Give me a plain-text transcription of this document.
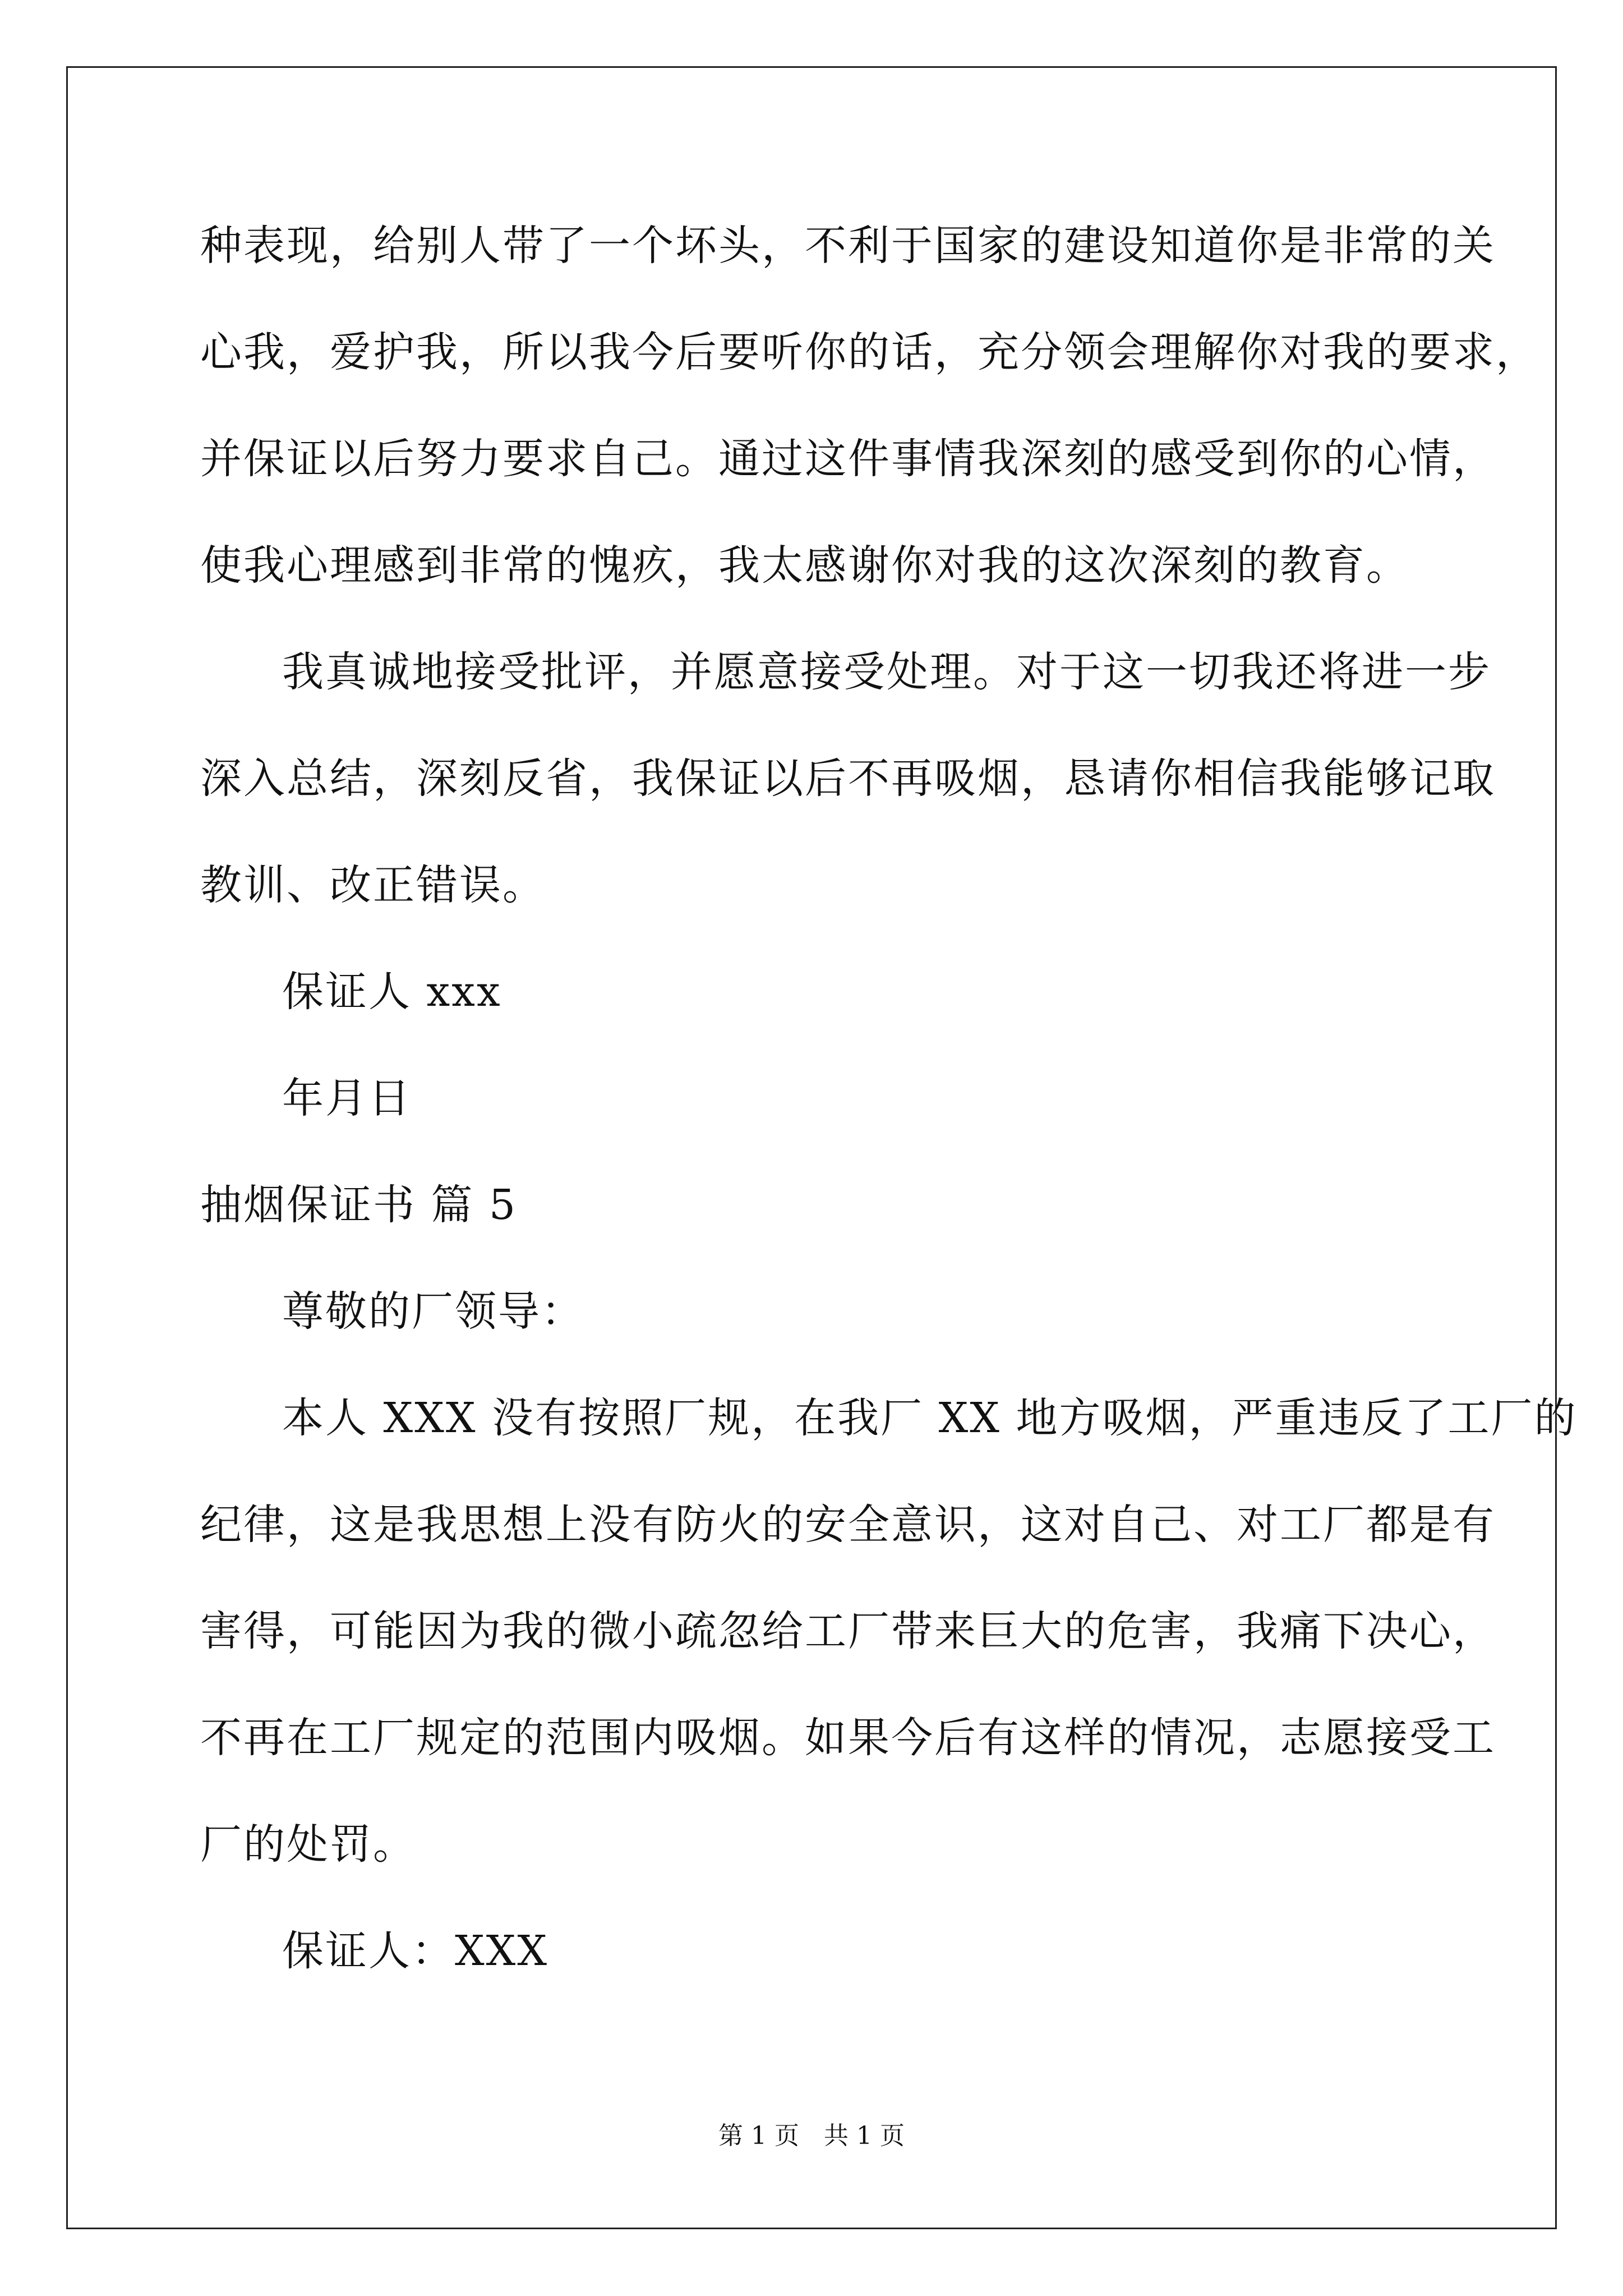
种表现，给别人带了一个坏头，不利于国家的建设知道你是非常的关
心我，爱护我，所以我今后要听你的话，充分领会理解你对我的要求，
并保证以后努力要求自己。通过这件事情我深刻的感受到你的心情，
使我心理感到非常的愧疚，我太感谢你对我的这次深刻的教育。
我真诚地接受批评，并愿意接受处理。对于这一切我还将进一步
深入总结，深刻反省，我保证以后不再吸烟，恳请你相信我能够记取
教训、改正错误。
保证人 xxx
年月日
抽烟保证书 篇 5
尊敬的厂领导：
本人 XXX 没有按照厂规，在我厂 XX 地方吸烟，严重违反了工厂的
纪律，这是我思想上没有防火的安全意识，这对自己、对工厂都是有
害得，可能因为我的微小疏忽给工厂带来巨大的危害，我痛下决心，
不再在工厂规定的范围内吸烟。如果今后有这样的情况，志愿接受工
厂的处罚。
保证人：XXX
第 1 页　共 1 页
